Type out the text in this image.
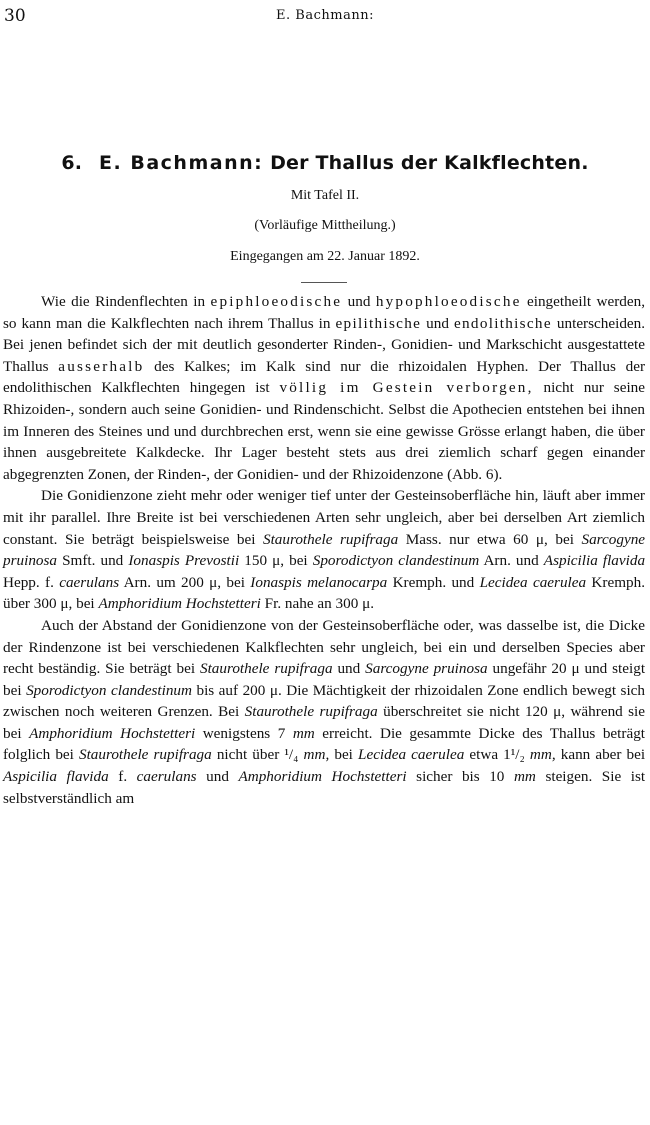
30	E. Bachmann:
6. E. Bachmann: Der Thallus der Kalkflechten.
Mit Tafel II.
(Vorläufige Mittheilung.)
Eingegangen am 22. Januar 1892.

Wie die Rindenflechten in epiphloeodische und hypophloeodische eingetheilt werden, so kann man die Kalkflechten nach ihrem Thallus in epilithische und endolithische unterscheiden. Bei jenen befindet sich der mit deutlich gesonderter Rinden-, Gonidien- und Markschicht ausgestattete Thallus ausserhalb des Kalkes; im Kalk sind nur die rhizoidalen Hyphen. Der Thallus der endolithischen Kalkflechten hingegen ist völlig im Gestein verborgen, nicht nur seine Rhizoiden-, sondern auch seine Gonidien- und Rindenschicht. Selbst die Apothecien entstehen bei ihnen im Inneren des Steines und und durchbrechen erst, wenn sie eine gewisse Grösse erlangt haben, die über ihnen ausgebreitete Kalkdecke. Ihr Lager besteht stets aus drei ziemlich scharf gegen einander abgegrenzten Zonen, der Rinden-, der Gonidien- und der Rhizoidenzone (Abb. 6).

Die Gonidienzone zieht mehr oder weniger tief unter der Gesteinsoberfläche hin, läuft aber immer mit ihr parallel. Ihre Breite ist bei verschiedenen Arten sehr ungleich, aber bei derselben Art ziemlich constant. Sie beträgt beispielsweise bei Staurothele rupifraga Mass. nur etwa 60 μ, bei Sarcogyne pruinosa Smft. und Ionaspis Prevostii 150 μ, bei Sporodictyon clandestinum Arn. und Aspicilia flavida Hepp. f. caerulans Arn. um 200 μ, bei Ionaspis melanocarpa Kremph. und Lecidea caerulea Kremph. über 300 μ, bei Amphoridium Hochstetteri Fr. nahe an 300 μ.

Auch der Abstand der Gonidienzone von der Gesteinsoberfläche oder, was dasselbe ist, die Dicke der Rindenzone ist bei verschiedenen Kalkflechten sehr ungleich, bei ein und derselben Species aber recht beständig. Sie beträgt bei Staurothele rupifraga und Sarcogyne pruinosa ungefähr 20 μ und steigt bei Sporodictyon clandestinum bis auf 200 μ. Die Mächtigkeit der rhizoidalen Zone endlich bewegt sich zwischen noch weiteren Grenzen. Bei Staurothele rupifraga überschreitet sie nicht 120 μ, während sie bei Amphoridium Hochstetteri wenigstens 7 mm erreicht. Die gesammte Dicke des Thallus beträgt folglich bei Staurothele rupifraga nicht über ¹/₄ mm, bei Lecidea caerulea etwa 1¹/₂ mm, kann aber bei Aspicilia flavida f. caerulans und Amphoridium Hochstetteri sicher bis 10 mm steigen. Sie ist selbstverständlich am
